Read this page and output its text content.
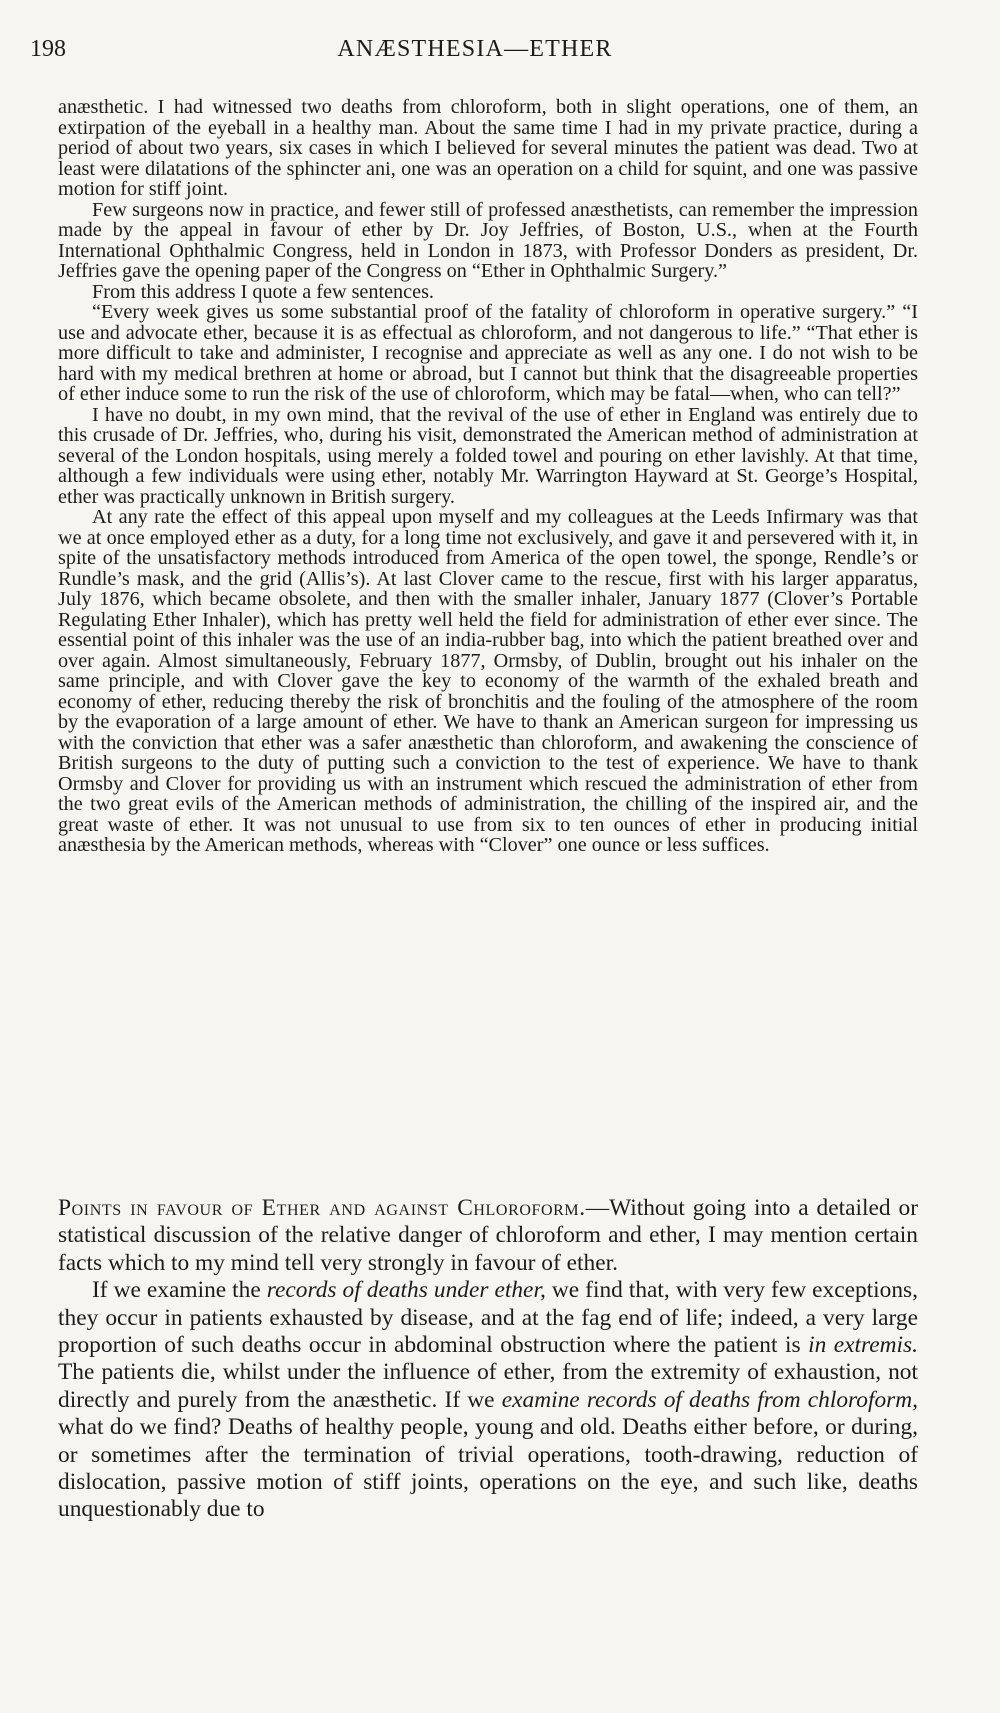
198	ANÆSTHESIA—ETHER

anæsthetic. I had witnessed two deaths from chloroform, both in slight operations, one of them, an extirpation of the eyeball in a healthy man. About the same time I had in my private practice, during a period of about two years, six cases in which I believed for several minutes the patient was dead. Two at least were dilatations of the sphincter ani, one was an operation on a child for squint, and one was passive motion for stiff joint.

Few surgeons now in practice, and fewer still of professed anæsthetists, can remember the impression made by the appeal in favour of ether by Dr. Joy Jeffries, of Boston, U.S., when at the Fourth International Ophthalmic Congress, held in London in 1873, with Professor Donders as president, Dr. Jeffries gave the opening paper of the Congress on “Ether in Ophthalmic Surgery.”

From this address I quote a few sentences.

“Every week gives us some substantial proof of the fatality of chloroform in operative surgery.” “I use and advocate ether, because it is as effectual as chloroform, and not dangerous to life.” “That ether is more difficult to take and administer, I recognise and appreciate as well as any one. I do not wish to be hard with my medical brethren at home or abroad, but I cannot but think that the disagreeable properties of ether induce some to run the risk of the use of chloroform, which may be fatal—when, who can tell?”

I have no doubt, in my own mind, that the revival of the use of ether in England was entirely due to this crusade of Dr. Jeffries, who, during his visit, demonstrated the American method of administration at several of the London hospitals, using merely a folded towel and pouring on ether lavishly. At that time, although a few individuals were using ether, notably Mr. Warrington Hayward at St. George’s Hospital, ether was practically unknown in British surgery.

At any rate the effect of this appeal upon myself and my colleagues at the Leeds Infirmary was that we at once employed ether as a duty, for a long time not exclusively, and gave it and persevered with it, in spite of the unsatisfactory methods introduced from America of the open towel, the sponge, Rendle’s or Rundle’s mask, and the grid (Allis’s). At last Clover came to the rescue, first with his larger apparatus, July 1876, which became obsolete, and then with the smaller inhaler, January 1877 (Clover’s Portable Regulating Ether Inhaler), which has pretty well held the field for administration of ether ever since. The essential point of this inhaler was the use of an india-rubber bag, into which the patient breathed over and over again. Almost simultaneously, February 1877, Ormsby, of Dublin, brought out his inhaler on the same principle, and with Clover gave the key to economy of the warmth of the exhaled breath and economy of ether, reducing thereby the risk of bronchitis and the fouling of the atmosphere of the room by the evaporation of a large amount of ether. We have to thank an American surgeon for impressing us with the conviction that ether was a safer anæsthetic than chloroform, and awakening the conscience of British surgeons to the duty of putting such a conviction to the test of experience. We have to thank Ormsby and Clover for providing us with an instrument which rescued the administration of ether from the two great evils of the American methods of administration, the chilling of the inspired air, and the great waste of ether. It was not unusual to use from six to ten ounces of ether in producing initial anæsthesia by the American methods, whereas with “Clover” one ounce or less suffices.

Points in favour of Ether and against Chloroform.—Without going into a detailed or statistical discussion of the relative danger of chloroform and ether, I may mention certain facts which to my mind tell very strongly in favour of ether.

If we examine the records of deaths under ether, we find that, with very few exceptions, they occur in patients exhausted by disease, and at the fag end of life; indeed, a very large proportion of such deaths occur in abdominal obstruction where the patient is in extremis. The patients die, whilst under the influence of ether, from the extremity of exhaustion, not directly and purely from the anæsthetic. If we examine records of deaths from chloroform, what do we find? Deaths of healthy people, young and old. Deaths either before, or during, or sometimes after the termination of trivial operations, tooth-drawing, reduction of dislocation, passive motion of stiff joints, operations on the eye, and such like, deaths unquestionably due to
